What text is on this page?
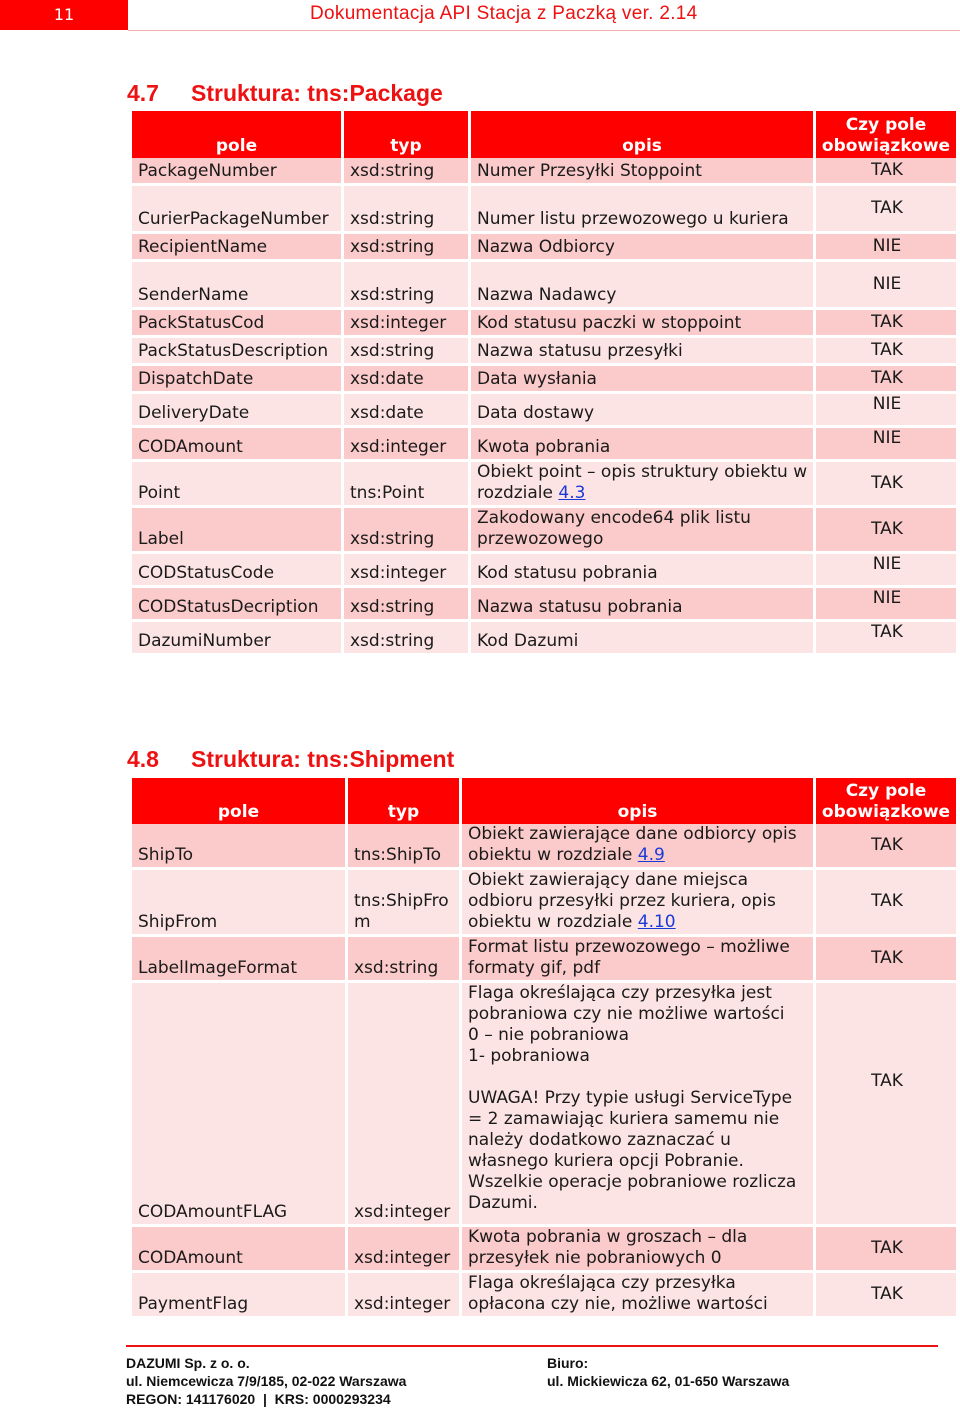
11	Dokumentacja API Stacja z Paczką ver. 2.14
4.7 Struktura: tns:Package
pole	typ	opis	Czy pole
obowiązkowe
PackageNumber	xsd:string	Numer Przesyłki Stoppoint	TAK
CurierPackageNumber	xsd:string	Numer listu przewozowego u kuriera	TAK
RecipientName	xsd:string	Nazwa Odbiorcy	NIE
SenderName	xsd:string	Nazwa Nadawcy	NIE
PackStatusCod	xsd:integer	Kod statusu paczki w stoppoint	TAK
PackStatusDescription	xsd:string	Nazwa statusu przesyłki	TAK
DispatchDate	xsd:date	Data wysłania	TAK
DeliveryDate	xsd:date	Data dostawy	NIE
CODAmount	xsd:integer	Kwota pobrania	NIE
Point	tns:Point	Obiekt point – opis struktury obiektu w rozdziale 4.3	TAK
Label	xsd:string	Zakodowany encode64 plik listu przewozowego	TAK
CODStatusCode	xsd:integer	Kod statusu pobrania	NIE
CODStatusDecription	xsd:string	Nazwa statusu pobrania	NIE
DazumiNumber	xsd:string	Kod Dazumi	TAK
4.8 Struktura: tns:Shipment
pole	typ	opis	Czy pole
obowiązkowe
ShipTo	tns:ShipTo	Obiekt zawierające dane odbiorcy opis obiektu w rozdziale 4.9	TAK
ShipFrom	tns:ShipFrom	Obiekt zawierający dane miejsca odbioru przesyłki przez kuriera, opis obiektu w rozdziale 4.10	TAK
LabelImageFormat	xsd:string	Format listu przewozowego – możliwe formaty gif, pdf	TAK
CODAmountFLAG	xsd:integer	Flaga określająca czy przesyłka jest pobraniowa czy nie możliwe wartości
0 – nie pobraniowa
1- pobraniowa
UWAGA! Przy typie usługi ServiceType = 2 zamawiając kuriera samemu nie należy dodatkowo zaznaczać u własnego kuriera opcji Pobranie. Wszelkie operacje pobraniowe rozlicza Dazumi.	TAK
CODAmount	xsd:integer	Kwota pobrania w groszach – dla przesyłek nie pobraniowych 0	TAK
PaymentFlag	xsd:integer	Flaga określająca czy przesyłka opłacona czy nie, możliwe wartości	TAK
DAZUMI Sp. z o. o.
ul. Niemcewicza 7/9/185, 02-022 Warszawa
REGON: 141176020  |  KRS: 0000293234
Biuro:
ul. Mickiewicza 62, 01-650 Warszawa
